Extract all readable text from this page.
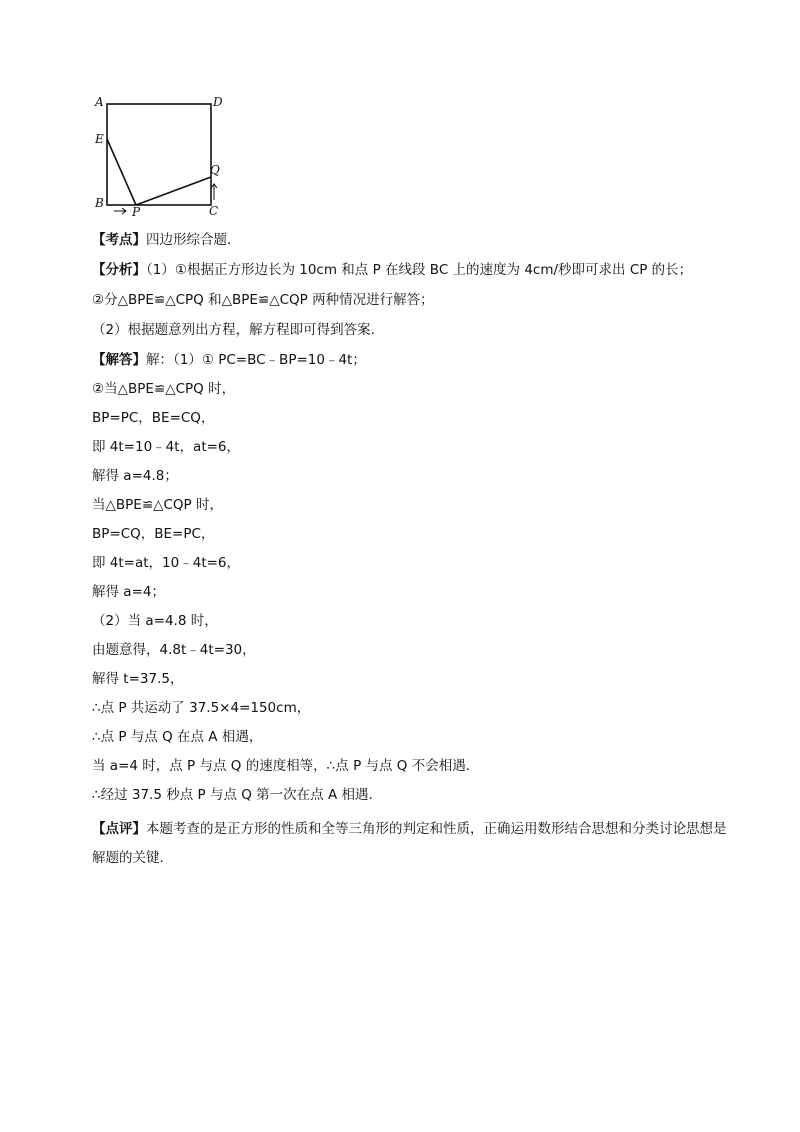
A	D
E
Q
B
P	C
【考点】四边形综合题.
【分析】（1）①根据正方形边长为 10cm 和点 P 在线段 BC 上的速度为 4cm/秒即可求出 CP 的长；
②分△BPE≌△CPQ 和△BPE≌△CQP 两种情况进行解答；
（2）根据题意列出方程，解方程即可得到答案.
【解答】解：（1）① PC=BC﹣BP=10﹣4t；
②当△BPE≌△CPQ 时，
BP=PC，BE=CQ，
即 4t=10﹣4t，at=6，
解得 a=4.8；
当△BPE≌△CQP 时，
BP=CQ，BE=PC，
即 4t=at，10﹣4t=6，
解得 a=4；
（2）当 a=4.8 时，
由题意得，4.8t﹣4t=30，
解得 t=37.5，
∴点 P 共运动了 37.5×4=150cm，
∴点 P 与点 Q 在点 A 相遇，
当 a=4 时，点 P 与点 Q 的速度相等，∴点 P 与点 Q 不会相遇.
∴经过 37.5 秒点 P 与点 Q 第一次在点 A 相遇.
【点评】本题考查的是正方形的性质和全等三角形的判定和性质，正确运用数形结合思想和分类讨论思想是解题的关键.
